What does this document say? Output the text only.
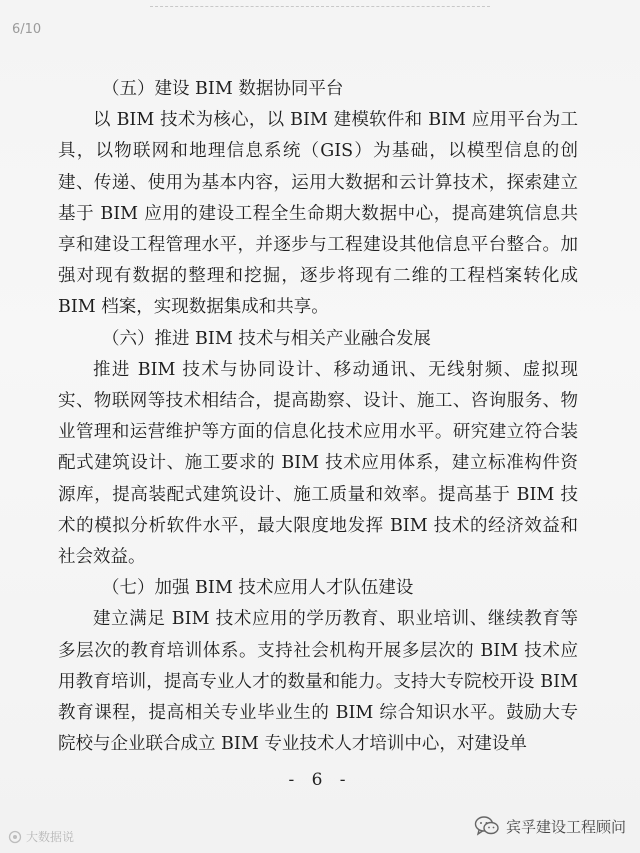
6/10

（五）建设 BIM 数据协同平台

以 BIM 技术为核心，以 BIM 建模软件和 BIM 应用平台为工具，以物联网和地理信息系统（GIS）为基础，以模型信息的创建、传递、使用为基本内容，运用大数据和云计算技术，探索建立基于 BIM 应用的建设工程全生命期大数据中心，提高建筑信息共享和建设工程管理水平，并逐步与工程建设其他信息平台整合。加强对现有数据的整理和挖掘，逐步将现有二维的工程档案转化成 BIM 档案，实现数据集成和共享。

（六）推进 BIM 技术与相关产业融合发展

推进 BIM 技术与协同设计、移动通讯、无线射频、虚拟现实、物联网等技术相结合，提高勘察、设计、施工、咨询服务、物业管理和运营维护等方面的信息化技术应用水平。研究建立符合装配式建筑设计、施工要求的 BIM 技术应用体系，建立标准构件资源库，提高装配式建筑设计、施工质量和效率。提高基于 BIM 技术的模拟分析软件水平，最大限度地发挥 BIM 技术的经济效益和社会效益。

（七）加强 BIM 技术应用人才队伍建设

建立满足 BIM 技术应用的学历教育、职业培训、继续教育等多层次的教育培训体系。支持社会机构开展多层次的 BIM 技术应用教育培训，提高专业人才的数量和能力。支持大专院校开设 BIM 教育课程，提高相关专业毕业生的 BIM 综合知识水平。鼓励大专院校与企业联合成立 BIM 专业技术人才培训中心，对建设单

- 6 -
大数据说
宾孚建设工程顾问
